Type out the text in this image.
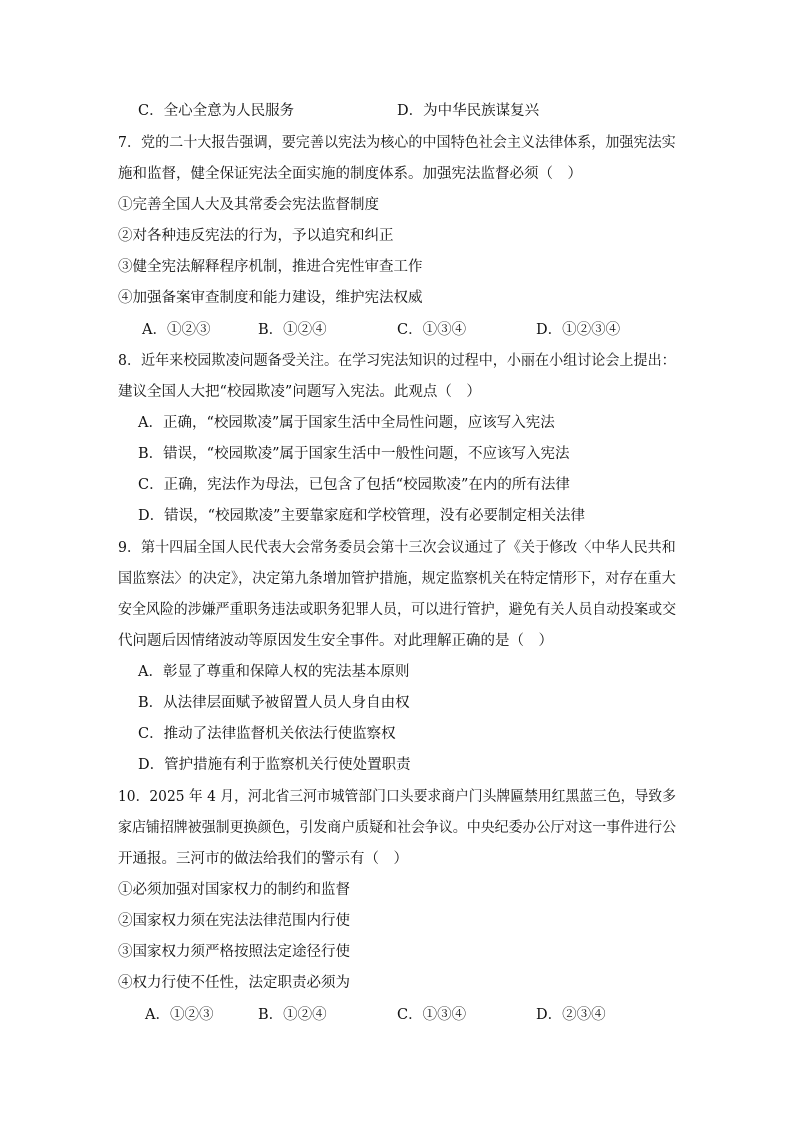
C．全心全意为人民服务	D．为中华民族谋复兴
7．党的二十大报告强调，要完善以宪法为核心的中国特色社会主义法律体系，加强宪法实
施和监督，健全保证宪法全面实施的制度体系。加强宪法监督必须（　）
①完善全国人大及其常委会宪法监督制度
②对各种违反宪法的行为，予以追究和纠正
③健全宪法解释程序机制，推进合宪性审查工作
④加强备案审查制度和能力建设，维护宪法权威
A．①②③	B．①②④	C．①③④	D．①②③④
8．近年来校园欺凌问题备受关注。在学习宪法知识的过程中，小丽在小组讨论会上提出：
建议全国人大把“校园欺凌”问题写入宪法。此观点（　）
A．正确，“校园欺凌”属于国家生活中全局性问题，应该写入宪法
B．错误，“校园欺凌”属于国家生活中一般性问题，不应该写入宪法
C．正确，宪法作为母法，已包含了包括“校园欺凌”在内的所有法律
D．错误，“校园欺凌”主要靠家庭和学校管理，没有必要制定相关法律
9．第十四届全国人民代表大会常务委员会第十三次会议通过了《关于修改〈中华人民共和
国监察法〉的决定》，决定第九条增加管护措施，规定监察机关在特定情形下，对存在重大
安全风险的涉嫌严重职务违法或职务犯罪人员，可以进行管护，避免有关人员自动投案或交
代问题后因情绪波动等原因发生安全事件。对此理解正确的是（　）
A．彰显了尊重和保障人权的宪法基本原则
B．从法律层面赋予被留置人员人身自由权
C．推动了法律监督机关依法行使监察权
D．管护措施有利于监察机关行使处置职责
10．2025 年 4 月，河北省三河市城管部门口头要求商户门头牌匾禁用红黑蓝三色，导致多
家店铺招牌被强制更换颜色，引发商户质疑和社会争议。中央纪委办公厅对这一事件进行公
开通报。三河市的做法给我们的警示有（　）
①必须加强对国家权力的制约和监督
②国家权力须在宪法法律范围内行使
③国家权力须严格按照法定途径行使
④权力行使不任性，法定职责必须为
A．①②③	B．①②④	C．①③④	D．②③④
